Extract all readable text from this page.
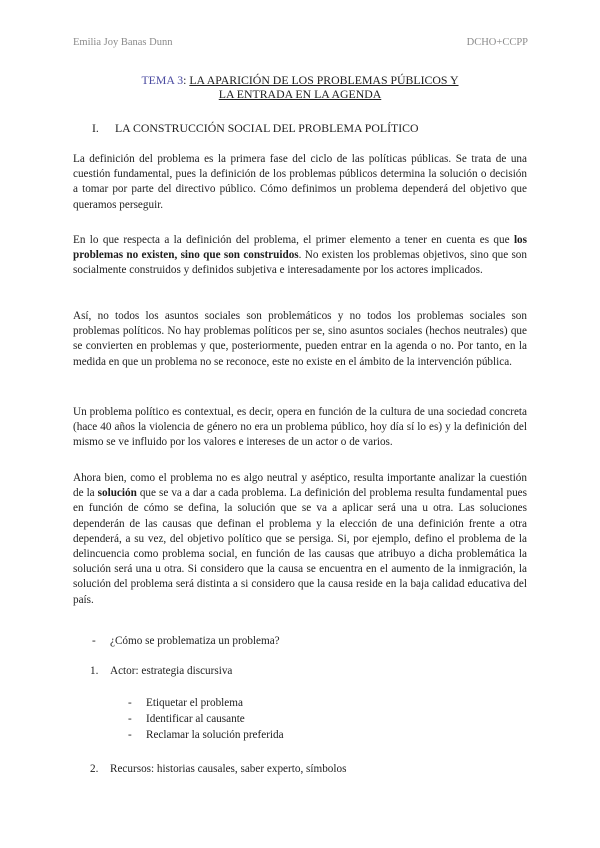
Emilia Joy Banas Dunn	DCHO+CCPP
TEMA 3: LA APARICIÓN DE LOS PROBLEMAS PÚBLICOS Y
LA ENTRADA EN LA AGENDA
I. LA CONSTRUCCIÓN SOCIAL DEL PROBLEMA POLÍTICO

La definición del problema es la primera fase del ciclo de las políticas públicas. Se trata de una cuestión fundamental, pues la definición de los problemas públicos determina la solución o decisión a tomar por parte del directivo público. Cómo definimos un problema dependerá del objetivo que queramos perseguir.

En lo que respecta a la definición del problema, el primer elemento a tener en cuenta es que los problemas no existen, sino que son construidos. No existen los problemas objetivos, sino que son socialmente construidos y definidos subjetiva e interesadamente por los actores implicados.

Así, no todos los asuntos sociales son problemáticos y no todos los problemas sociales son problemas políticos. No hay problemas políticos per se, sino asuntos sociales (hechos neutrales) que se convierten en problemas y que, posteriormente, pueden entrar en la agenda o no. Por tanto, en la medida en que un problema no se reconoce, este no existe en el ámbito de la intervención pública.

Un problema político es contextual, es decir, opera en función de la cultura de una sociedad concreta (hace 40 años la violencia de género no era un problema público, hoy día sí lo es) y la definición del mismo se ve influido por los valores e intereses de un actor o de varios.

Ahora bien, como el problema no es algo neutral y aséptico, resulta importante analizar la cuestión de la solución que se va a dar a cada problema. La definición del problema resulta fundamental pues en función de cómo se defina, la solución que se va a aplicar será una u otra. Las soluciones dependerán de las causas que definan el problema y la elección de una definición frente a otra dependerá, a su vez, del objetivo político que se persiga. Si, por ejemplo, defino el problema de la delincuencia como problema social, en función de las causas que atribuyo a dicha problemática la solución será una u otra. Si considero que la causa se encuentra en el aumento de la inmigración, la solución del problema será distinta a si considero que la causa reside en la baja calidad educativa del país.

- ¿Cómo se problematiza un problema?
1. Actor: estrategia discursiva
- Etiquetar el problema
- Identificar al causante
- Reclamar la solución preferida
2. Recursos: historias causales, saber experto, símbolos
